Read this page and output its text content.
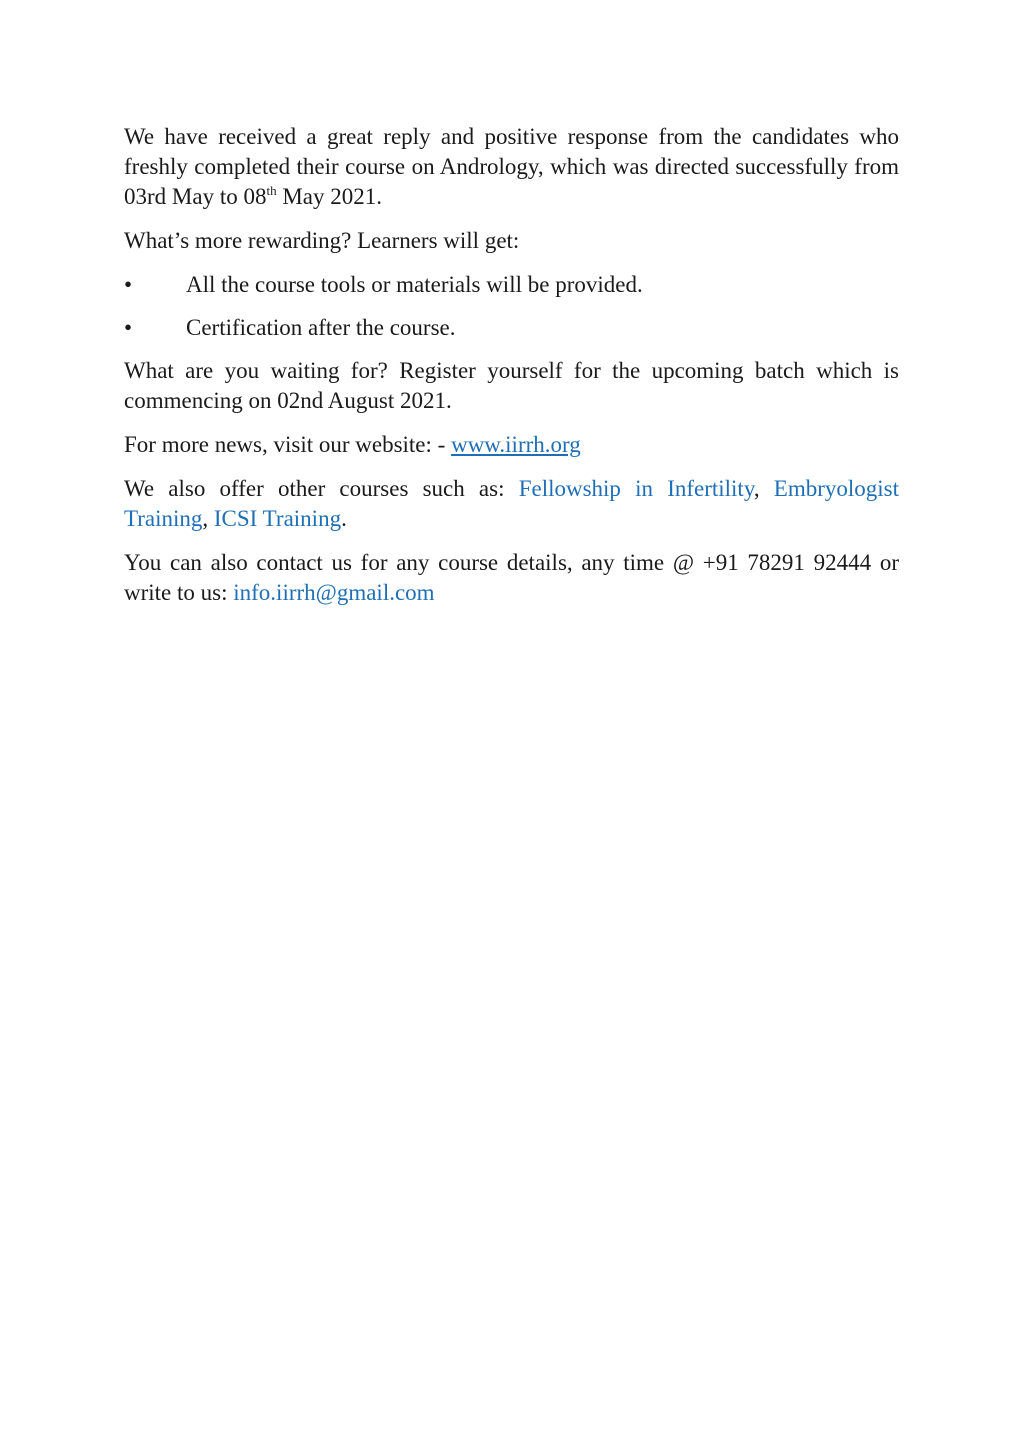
We have received a great reply and positive response from the candidates who freshly completed their course on Andrology, which was directed successfully from 03rd May to 08th May 2021.

What’s more rewarding? Learners will get:

•	All the course tools or materials will be provided.
•	Certification after the course.

What are you waiting for? Register yourself for the upcoming batch which is commencing on 02nd August 2021.

For more news, visit our website: - www.iirrh.org

We also offer other courses such as: Fellowship in Infertility, Embryologist Training, ICSI Training.

You can also contact us for any course details, any time @ +91 78291 92444 or write to us: info.iirrh@gmail.com
